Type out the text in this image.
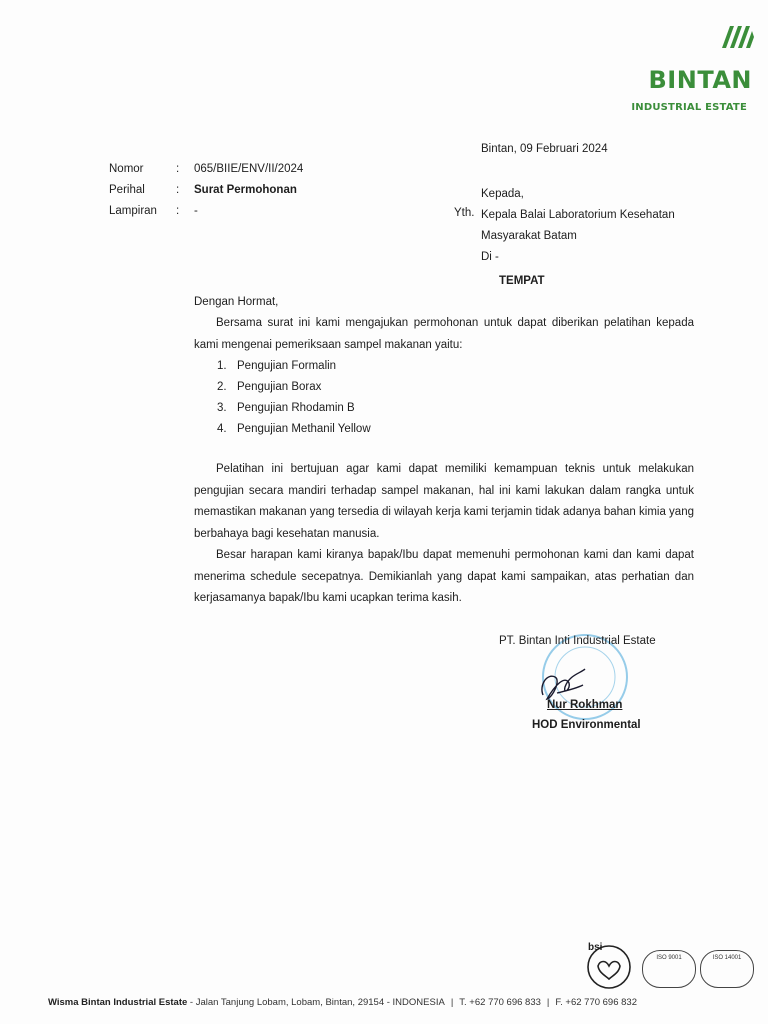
BINTAN
INDUSTRIAL ESTATE
Bintan, 09 Februari 2024
Nomor	: 065/BIIE/ENV/II/2024
Perihal	: Surat Permohonan
Lampiran : -
Kepada,
Yth. Kepala Balai Laboratorium Kesehatan
Masyarakat Batam
Di -
TEMPAT
Dengan Hormat,
Bersama surat ini kami mengajukan permohonan untuk dapat diberikan pelatihan kepada kami mengenai pemeriksaan sampel makanan yaitu:
1. Pengujian Formalin
2. Pengujian Borax
3. Pengujian Rhodamin B
4. Pengujian Methanil Yellow
Pelatihan ini bertujuan agar kami dapat memiliki kemampuan teknis untuk melakukan pengujian secara mandiri terhadap sampel makanan, hal ini kami lakukan dalam rangka untuk memastikan makanan yang tersedia di wilayah kerja kami terjamin tidak adanya bahan kimia yang berbahaya bagi kesehatan manusia.
Besar harapan kami kiranya bapak/Ibu dapat memenuhi permohonan kami dan kami dapat menerima schedule secepatnya. Demikianlah yang dapat kami sampaikan, atas perhatian dan kerjasamanya bapak/Ibu kami ucapkan terima kasih.
PT. Bintan Inti Industrial Estate
Nur Rokhman
HOD Environmental
bsi
ISO 9001	ISO 14001
Wisma Bintan Industrial Estate - Jalan Tanjung Lobam, Lobam, Bintan, 29154 - INDONESIA | T. +62 770 696 833 | F. +62 770 696 832
